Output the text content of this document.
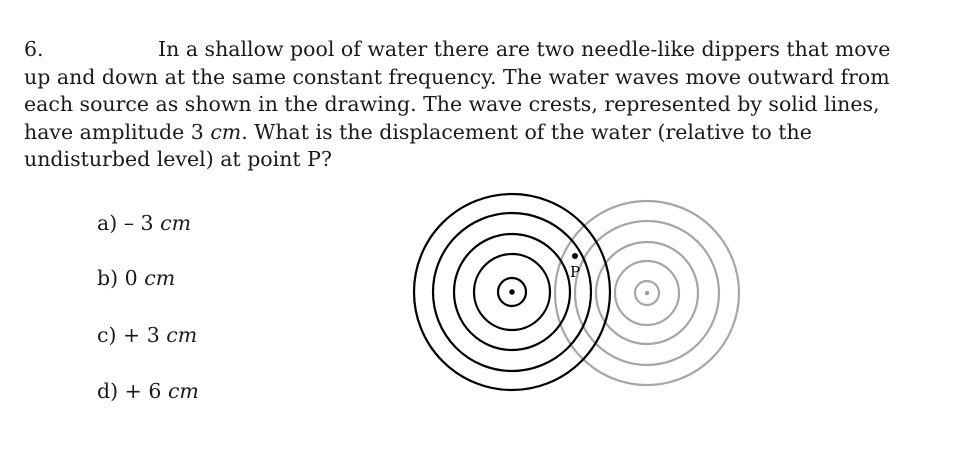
6.	In a shallow pool of water there are two needle-like dippers that move
up and down at the same constant frequency. The water waves move outward from
each source as shown in the drawing. The wave crests, represented by solid lines,
have amplitude 3 cm. What is the displacement of the water (relative to the
undisturbed level) at point P?
a) – 3 cm
b) 0 cm
c) + 3 cm
d) + 6 cm
P
